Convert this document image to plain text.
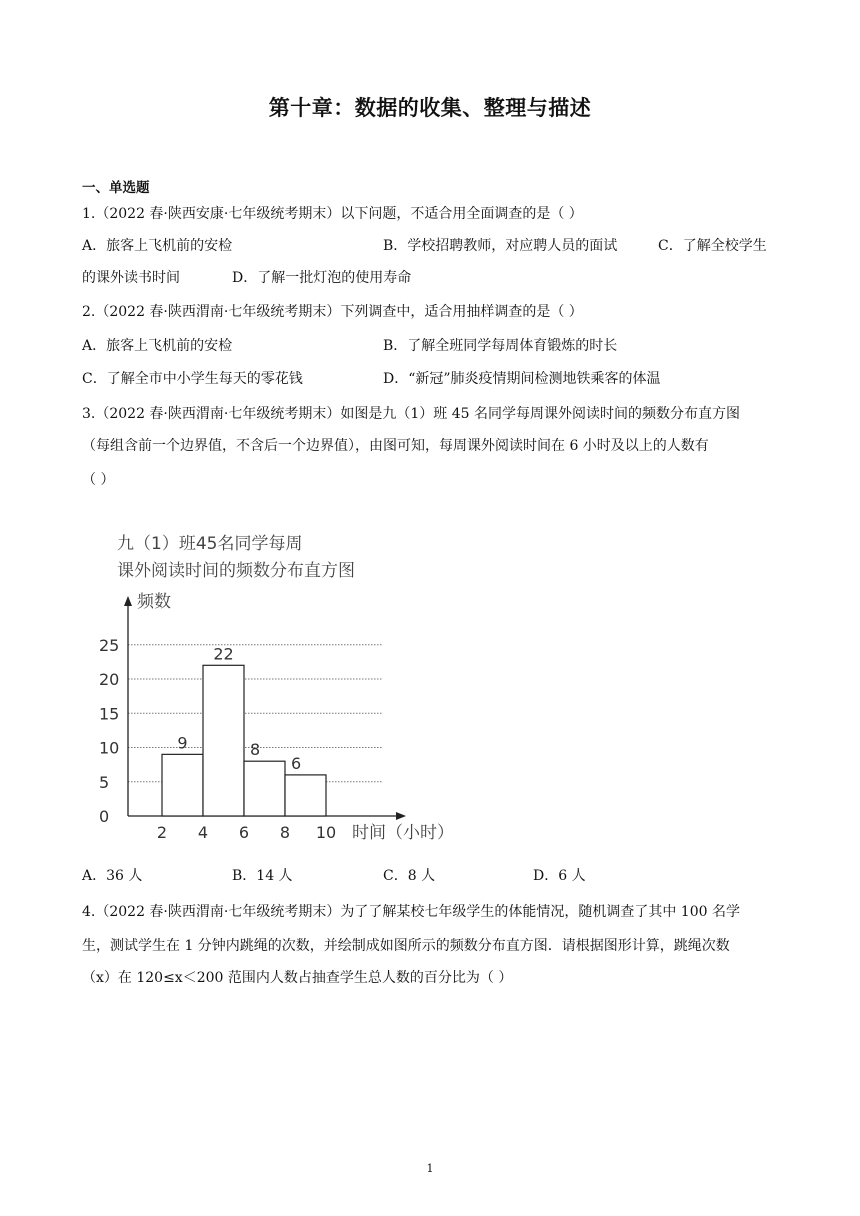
第十章：数据的收集、整理与描述
一、单选题
1.（2022 春·陕西安康·七年级统考期末）以下问题，不适合用全面调查的是（ ）
A．旅客上飞机前的安检	B．学校招聘教师，对应聘人员的面试	C．了解全校学生
的课外读书时间	D．了解一批灯泡的使用寿命
2.（2022 春·陕西渭南·七年级统考期末）下列调查中，适合用抽样调查的是（ ）
A．旅客上飞机前的安检	B．了解全班同学每周体育锻炼的时长
C．了解全市中小学生每天的零花钱	D．“新冠”肺炎疫情期间检测地铁乘客的体温
3.（2022 春·陕西渭南·七年级统考期末）如图是九（1）班 45 名同学每周课外阅读时间的频数分布直方图
（每组含前一个边界值，不含后一个边界值），由图可知，每周课外阅读时间在 6 小时及以上的人数有
（ ）
九（1）班45名同学每周
课外阅读时间的频数分布直方图
频数
时间（小时）
0
5
10
15
20
25
2 4 6 8 10
9
22
8
6
A．36 人	B．14 人	C．8 人	D．6 人
4.（2022 春·陕西渭南·七年级统考期末）为了了解某校七年级学生的体能情况，随机调查了其中 100 名学
生，测试学生在 1 分钟内跳绳的次数，并绘制成如图所示的频数分布直方图．请根据图形计算，跳绳次数
（x）在 120≤x＜200 范围内人数占抽查学生总人数的百分比为（ ）
1
